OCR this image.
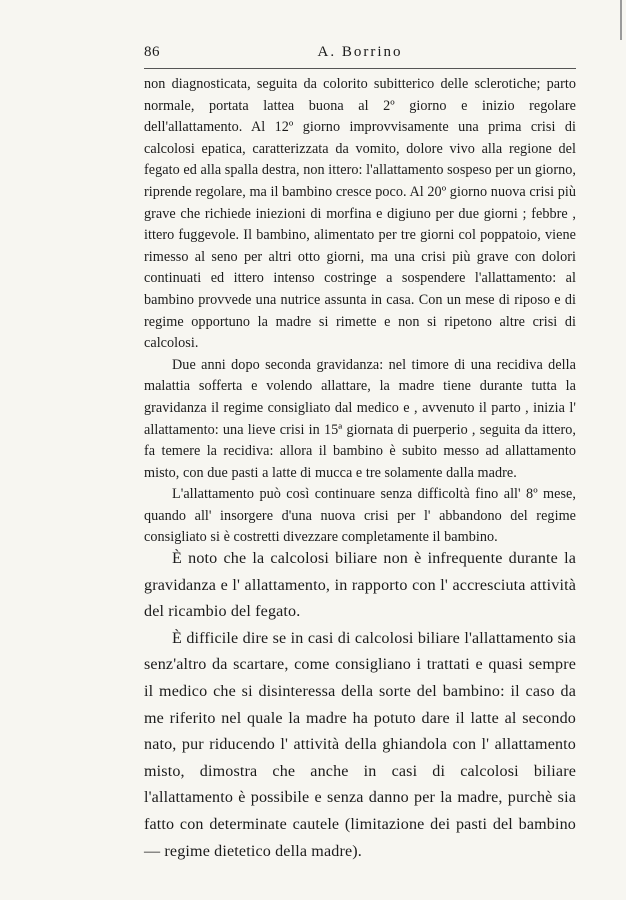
86	A. Borrino

non diagnosticata, seguita da colorito subitterico delle sclerotiche; parto normale, portata lattea buona al 2º giorno e inizio regolare dell'allattamento. Al 12º giorno improvvisamente una prima crisi di calcolosi epatica, caratterizzata da vomito, dolore vivo alla regione del fegato ed alla spalla destra, non ittero: l'allattamento sospeso per un giorno, riprende regolare, ma il bambino cresce poco. Al 20º giorno nuova crisi più grave che richiede iniezioni di morfina e digiuno per due giorni ; febbre , ittero fuggevole. Il bambino, alimentato per tre giorni col poppatoio, viene rimesso al seno per altri otto giorni, ma una crisi più grave con dolori continuati ed ittero intenso costringe a sospendere l'allattamento: al bambino provvede una nutrice assunta in casa. Con un mese di riposo e di regime opportuno la madre si rimette e non si ripetono altre crisi di calcolosi.

Due anni dopo seconda gravidanza: nel timore di una recidiva della malattia sofferta e volendo allattare, la madre tiene durante tutta la gravidanza il regime consigliato dal medico e , avvenuto il parto , inizia l' allattamento: una lieve crisi in 15ª giornata di puerperio , seguita da ittero, fa temere la recidiva: allora il bambino è subito messo ad allattamento misto, con due pasti a latte di mucca e tre solamente dalla madre.

L'allattamento può così continuare senza difficoltà fino all' 8º mese, quando all' insorgere d'una nuova crisi per l' abbandono del regime consigliato si è costretti divezzare completamente il bambino.

È noto che la calcolosi biliare non è infrequente durante la gravidanza e l' allattamento, in rapporto con l' accresciuta attività del ricambio del fegato.

È difficile dire se in casi di calcolosi biliare l'allattamento sia senz'altro da scartare, come consigliano i trattati e quasi sempre il medico che si disinteressa della sorte del bambino: il caso da me riferito nel quale la madre ha potuto dare il latte al secondo nato, pur riducendo l' attività della ghiandola con l' allattamento misto, dimostra che anche in casi di calcolosi biliare l'allattamento è possibile e senza danno per la madre, purchè sia fatto con determinate cautele (limitazione dei pasti del bambino — regime dietetico della madre).
